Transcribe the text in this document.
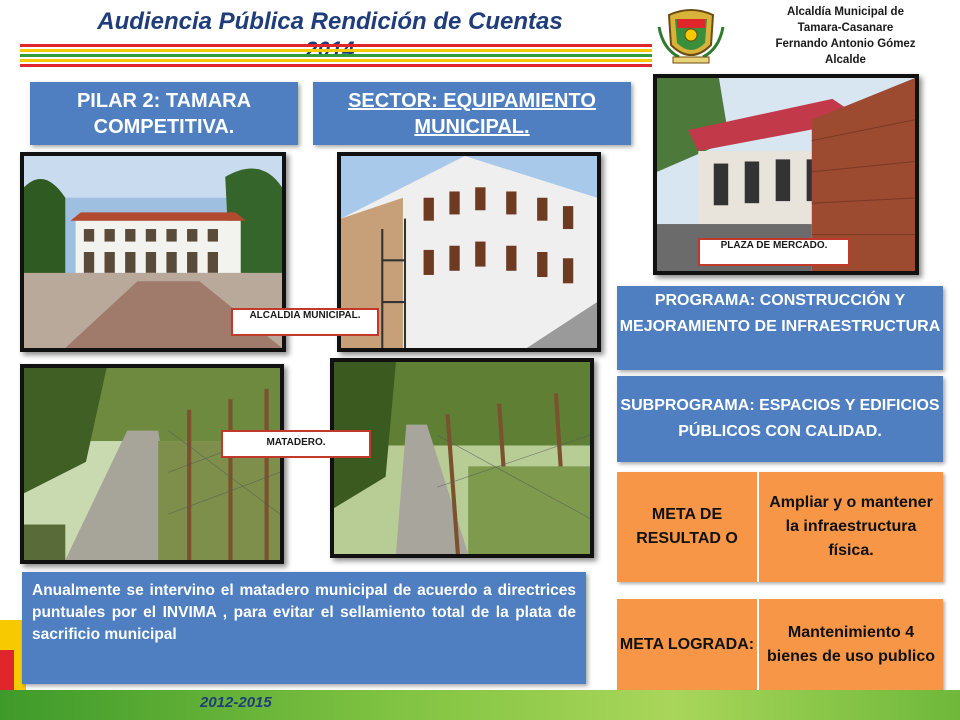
Audiencia Pública Rendición de Cuentas	Alcaldía Municipal de
Tamara-Casanare
Fernando Antonio Gómez
Alcalde
PILAR 2: TAMARA COMPETITIVA.
SECTOR: EQUIPAMIENTO MUNICIPAL.
ALCALDIA MUNICIPAL.
MATADERO.
PLAZA DE MERCADO.
PROGRAMA: CONSTRUCCIÓN Y MEJORAMIENTO DE INFRAESTRUCTURA
SUBPROGRAMA: ESPACIOS Y EDIFICIOS PÚBLICOS CON CALIDAD.
META DE RESULTAD O
Ampliar y o mantener la infraestructura física.
META LOGRADA:
Mantenimiento 4 bienes de uso publico
Anualmente se intervino el matadero municipal de acuerdo a directrices puntuales por el INVIMA , para evitar el sellamiento total de la plata de sacrificio municipal
2012-2015
